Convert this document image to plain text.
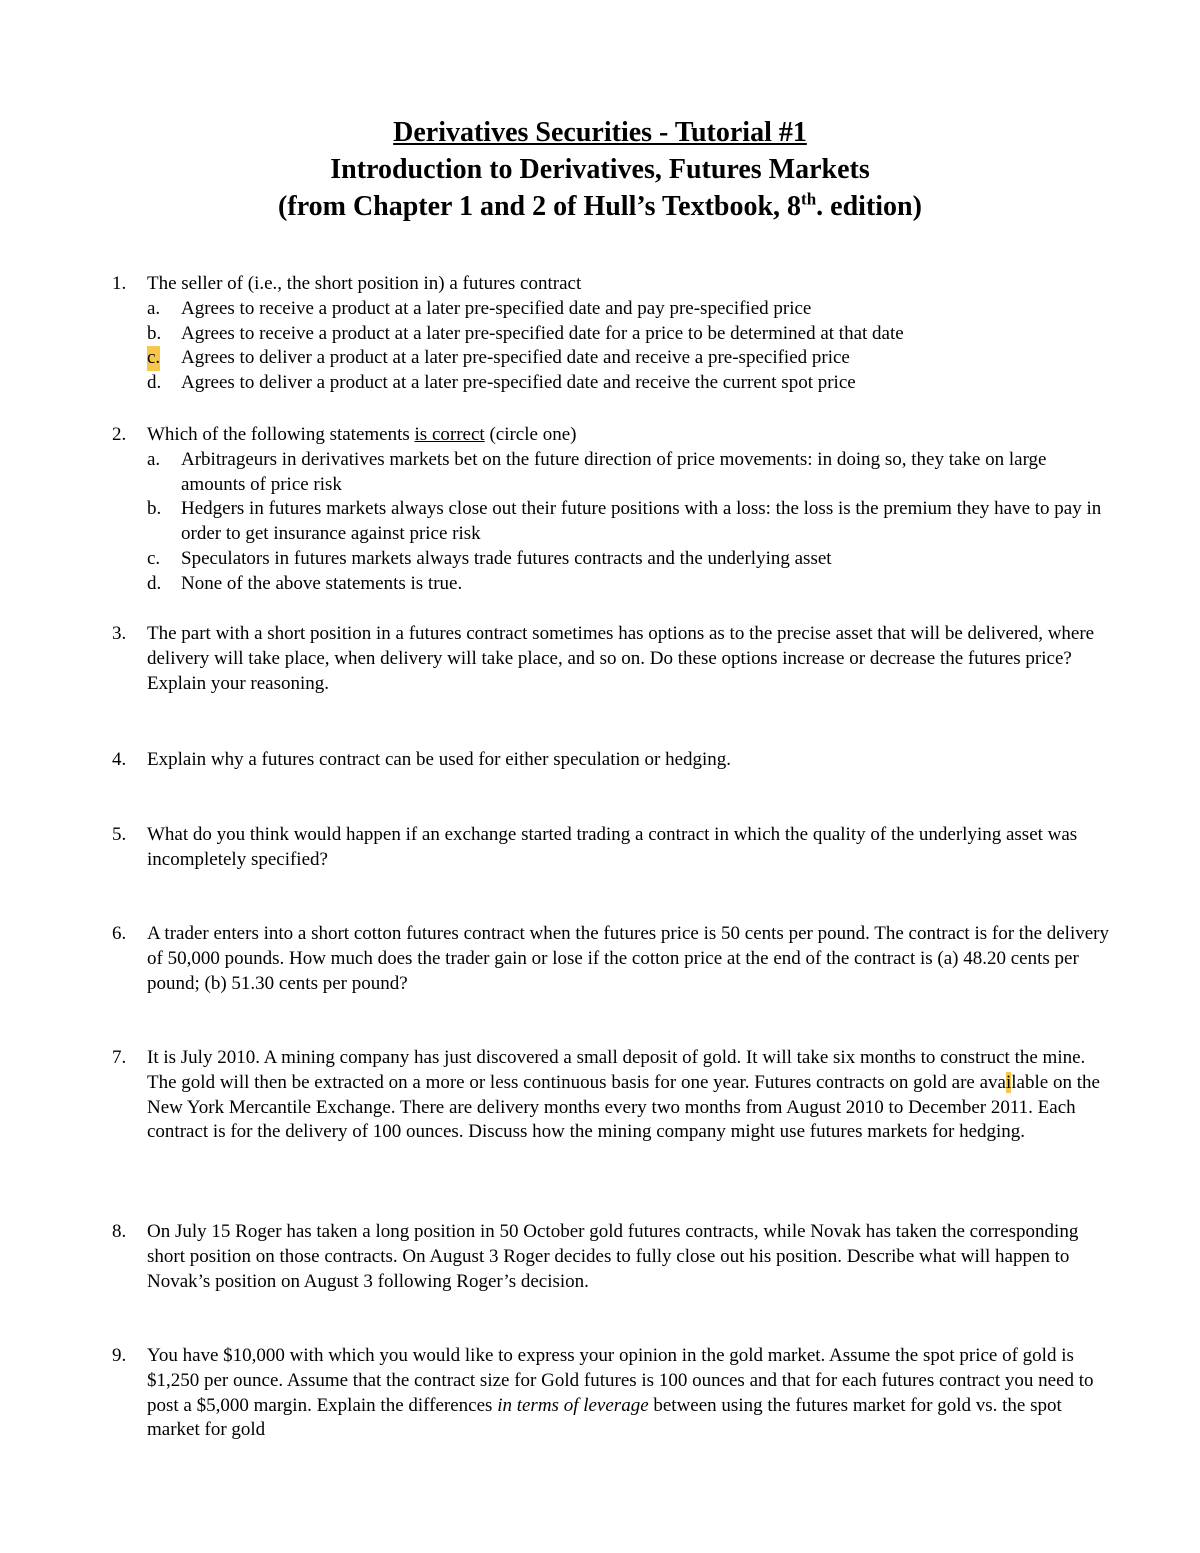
Derivatives Securities - Tutorial #1
Introduction to Derivatives, Futures Markets
(from Chapter 1 and 2 of Hull’s Textbook, 8th. edition)
1. The seller of (i.e., the short position in) a futures contract
a. Agrees to receive a product at a later pre-specified date and pay pre-specified price
b. Agrees to receive a product at a later pre-specified date for a price to be determined at that date
c. Agrees to deliver a product at a later pre-specified date and receive a pre-specified price
d. Agrees to deliver a product at a later pre-specified date and receive the current spot price
2. Which of the following statements is correct (circle one)
a. Arbitrageurs in derivatives markets bet on the future direction of price movements: in doing so, they take on large amounts of price risk
b. Hedgers in futures markets always close out their future positions with a loss: the loss is the premium they have to pay in order to get insurance against price risk
c. Speculators in futures markets always trade futures contracts and the underlying asset
d. None of the above statements is true.
3. The part with a short position in a futures contract sometimes has options as to the precise asset that will be delivered, where delivery will take place, when delivery will take place, and so on. Do these options increase or decrease the futures price? Explain your reasoning.
4. Explain why a futures contract can be used for either speculation or hedging.
5. What do you think would happen if an exchange started trading a contract in which the quality of the underlying asset was incompletely specified?
6. A trader enters into a short cotton futures contract when the futures price is 50 cents per pound. The contract is for the delivery of 50,000 pounds. How much does the trader gain or lose if the cotton price at the end of the contract is (a) 48.20 cents per pound; (b) 51.30 cents per pound?
7. It is July 2010. A mining company has just discovered a small deposit of gold. It will take six months to construct the mine. The gold will then be extracted on a more or less continuous basis for one year. Futures contracts on gold are available on the New York Mercantile Exchange. There are delivery months every two months from August 2010 to December 2011. Each contract is for the delivery of 100 ounces. Discuss how the mining company might use futures markets for hedging.
8. On July 15 Roger has taken a long position in 50 October gold futures contracts, while Novak has taken the corresponding short position on those contracts. On August 3 Roger decides to fully close out his position. Describe what will happen to Novak’s position on August 3 following Roger’s decision.
9. You have $10,000 with which you would like to express your opinion in the gold market. Assume the spot price of gold is $1,250 per ounce. Assume that the contract size for Gold futures is 100 ounces and that for each futures contract you need to post a $5,000 margin. Explain the differences in terms of leverage between using the futures market for gold vs. the spot market for gold
